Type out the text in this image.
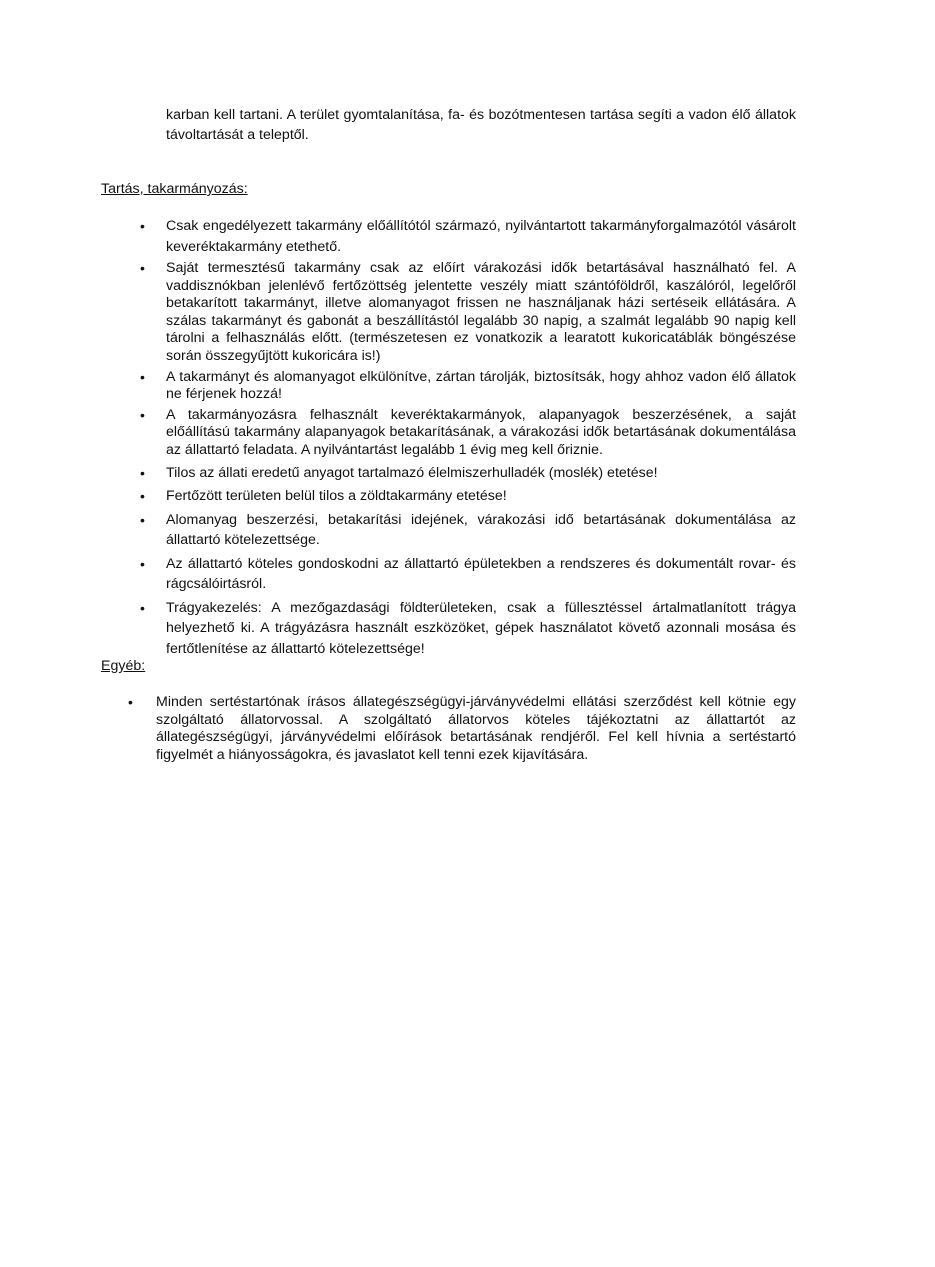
karban kell tartani. A terület gyomtalanítása, fa- és bozótmentesen tartása segíti a vadon élő állatok távoltartását a teleptől.

Tartás, takarmányozás:

• Csak engedélyezett takarmány előállítótól származó, nyilvántartott takarmányforgalmazótól vásárolt keveréktakarmány etethető.
• Saját termesztésű takarmány csak az előírt várakozási idők betartásával használható fel. A vaddisznókban jelenlévő fertőzöttség jelentette veszély miatt szántóföldről, kaszálóról, legelőről betakarított takarmányt, illetve alomanyagot frissen ne használjanak házi sertéseik ellátására. A szálas takarmányt és gabonát a beszállítástól legalább 30 napig, a szalmát legalább 90 napig kell tárolni a felhasználás előtt. (természetesen ez vonatkozik a learatott kukoricatáblák böngészése során összegyűjtött kukoricára is!)
• A takarmányt és alomanyagot elkülönítve, zártan tárolják, biztosítsák, hogy ahhoz vadon élő állatok ne férjenek hozzá!
• A takarmányozásra felhasznált keveréktakarmányok, alapanyagok beszerzésének, a saját előállítású takarmány alapanyagok betakarításának, a várakozási idők betartásának dokumentálása az állattartó feladata. A nyilvántartást legalább 1 évig meg kell őriznie.
• Tilos az állati eredetű anyagot tartalmazó élelmiszerhulladék (moslék) etetése!
• Fertőzött területen belül tilos a zöldtakarmány etetése!
• Alomanyag beszerzési, betakarítási idejének, várakozási idő betartásának dokumentálása az állattartó kötelezettsége.
• Az állattartó köteles gondoskodni az állattartó épületekben a rendszeres és dokumentált rovar- és rágcsálóirtásról.
• Trágyakezelés: A mezőgazdasági földterületeken, csak a füllesztéssel ártalmatlanított trágya helyezhető ki. A trágyázásra használt eszközöket, gépek használatot követő azonnali mosása és fertőtlenítése az állattartó kötelezettsége!

Egyéb:

• Minden sertéstartónak írásos állategészségügyi-járványvédelmi ellátási szerződést kell kötnie egy szolgáltató állatorvossal. A szolgáltató állatorvos köteles tájékoztatni az állattartót az állategészségügyi, járványvédelmi előírások betartásának rendjéről. Fel kell hívnia a sertéstartó figyelmét a hiányosságokra, és javaslatot kell tenni ezek kijavítására.
